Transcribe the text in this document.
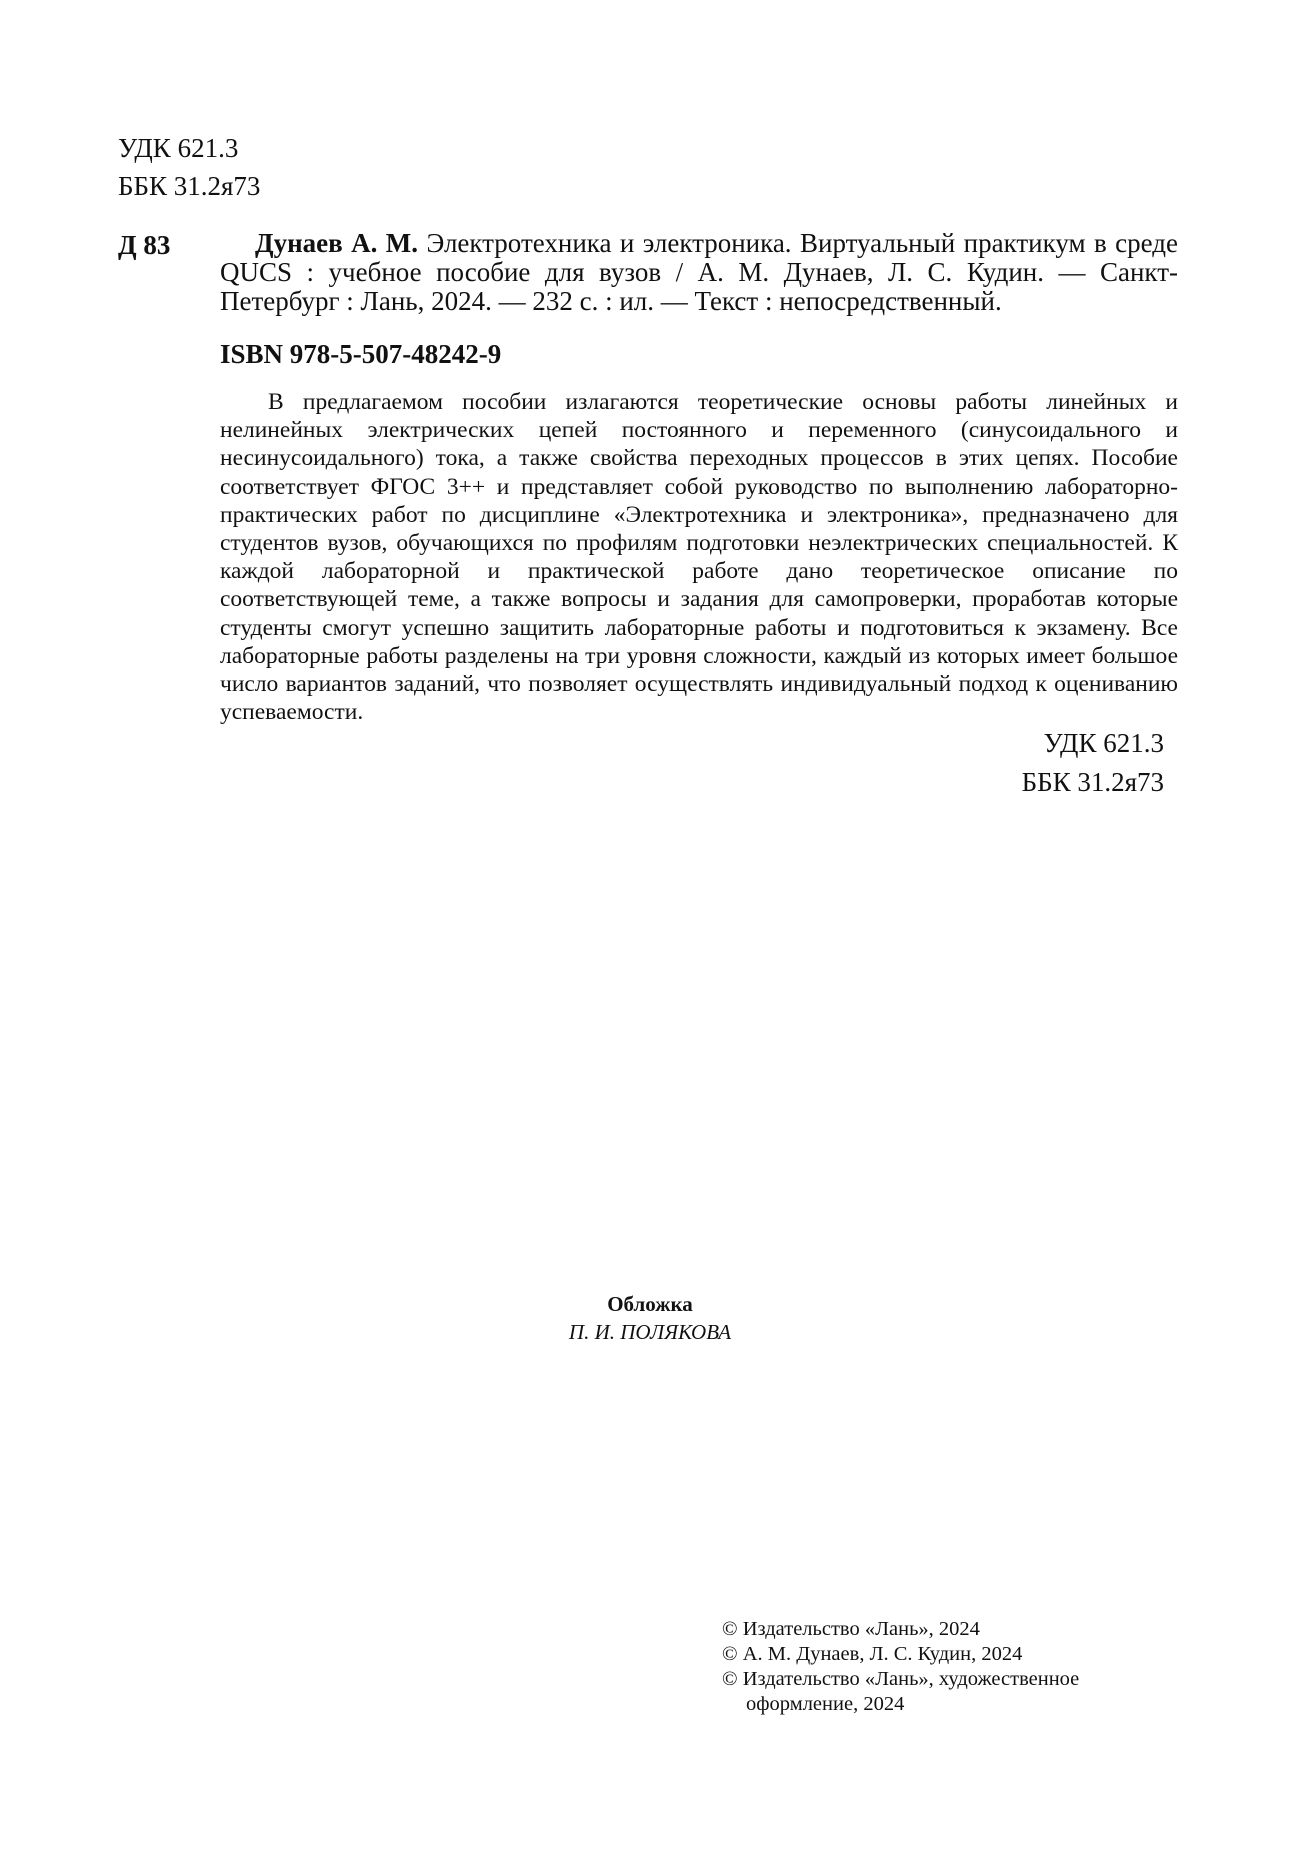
УДК 621.3
ББК 31.2я73
Д 83	Дунаев А. М. Электротехника и электроника. Виртуальный практикум в среде QUCS : учебное пособие для вузов / А. М. Дунаев, Л. С. Кудин. — Санкт-Петербург : Лань, 2024. — 232 с. : ил. — Текст : непосредственный.
ISBN 978-5-507-48242-9
В предлагаемом пособии излагаются теоретические основы работы линейных и нелинейных электрических цепей постоянного и переменного (синусоидального и несинусоидального) тока, а также свойства переходных процессов в этих цепях. Пособие соответствует ФГОС 3++ и представляет собой руководство по выполнению лабораторно-практических работ по дисциплине «Электротехника и электроника», предназначено для студентов вузов, обучающихся по профилям подготовки неэлектрических специальностей. К каждой лабораторной и практической работе дано теоретическое описание по соответствующей теме, а также вопросы и задания для самопроверки, проработав которые студенты смогут успешно защитить лабораторные работы и подготовиться к экзамену. Все лабораторные работы разделены на три уровня сложности, каждый из которых имеет большое число вариантов заданий, что позволяет осуществлять индивидуальный подход к оцениванию успеваемости.
УДК 621.3
ББК 31.2я73
Обложка
П. И. ПОЛЯКОВА
© Издательство «Лань», 2024
© А. М. Дунаев, Л. С. Кудин, 2024
© Издательство «Лань», художественное
оформление, 2024
